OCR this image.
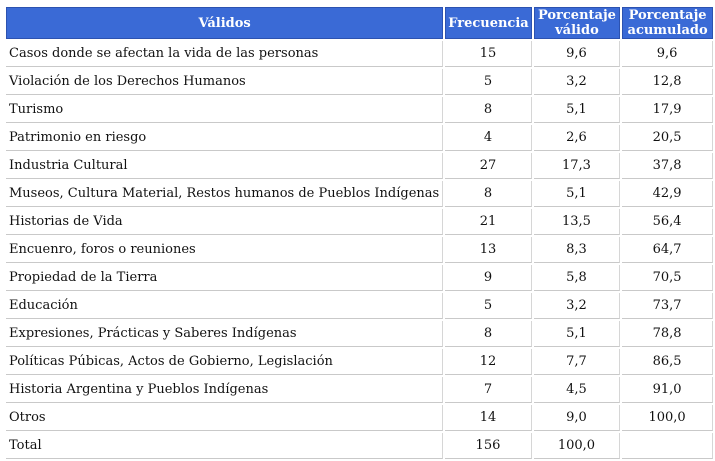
Válidos	Frecuencia	Porcentaje válido	Porcentaje acumulado
Casos donde se afectan la vida de las personas	15	9,6	9,6
Violación de los Derechos Humanos	5	3,2	12,8
Turismo	8	5,1	17,9
Patrimonio en riesgo	4	2,6	20,5
Industria Cultural	27	17,3	37,8
Museos, Cultura Material, Restos humanos de Pueblos Indígenas	8	5,1	42,9
Historias de Vida	21	13,5	56,4
Encuenro, foros o reuniones	13	8,3	64,7
Propiedad de la Tierra	9	5,8	70,5
Educación	5	3,2	73,7
Expresiones, Prácticas y Saberes Indígenas	8	5,1	78,8
Políticas Púbicas, Actos de Gobierno, Legislación	12	7,7	86,5
Historia Argentina y Pueblos Indígenas	7	4,5	91,0
Otros	14	9,0	100,0
Total	156	100,0	
